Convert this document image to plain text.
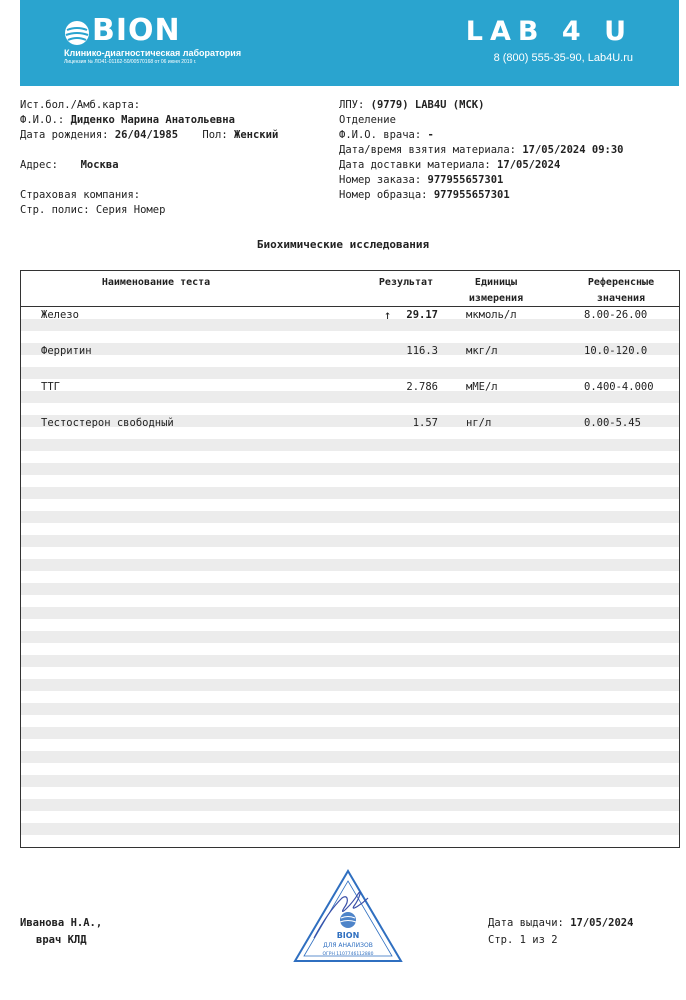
BION
Клинико-диагностическая лаборатория
Лицензия № ЛО41-01162-50/00570168 от 06 июня 2019 г.
LAB 4 U
8 (800) 555-35-90, Lab4U.ru
Ист.бол./Амб.карта:
Ф.И.О.: Диденко Марина Анатольевна
Дата рождения: 26/04/1985 Пол: Женский
Адрес: Москва
Страховая компания:
Стр. полис: Серия Номер
ЛПУ: (9779) LAB4U (МСК)
Отделение
Ф.И.О. врача: -
Дата/время взятия материала: 17/05/2024 09:30
Дата доставки материала: 17/05/2024
Номер заказа: 977955657301
Номер образца: 977955657301
Биохимические исследования
Наименование теста	Результат	Единицы
измерения
Референсные
значения
Железо	↑	29.17	мкмоль/л	8.00-26.00
Ферритин	116.3	мкг/л	10.0-120.0
ТТГ	2.786	мМЕ/л	0.400-4.000
Тестостерон свободный	1.57	нг/л	0.00-5.45
Иванова Н.А.,
врач КЛД	BION
ДЛЯ АНАЛИЗОВ
ОГРН 1107746112880
Дата выдачи: 17/05/2024
Стр. 1 из 2
